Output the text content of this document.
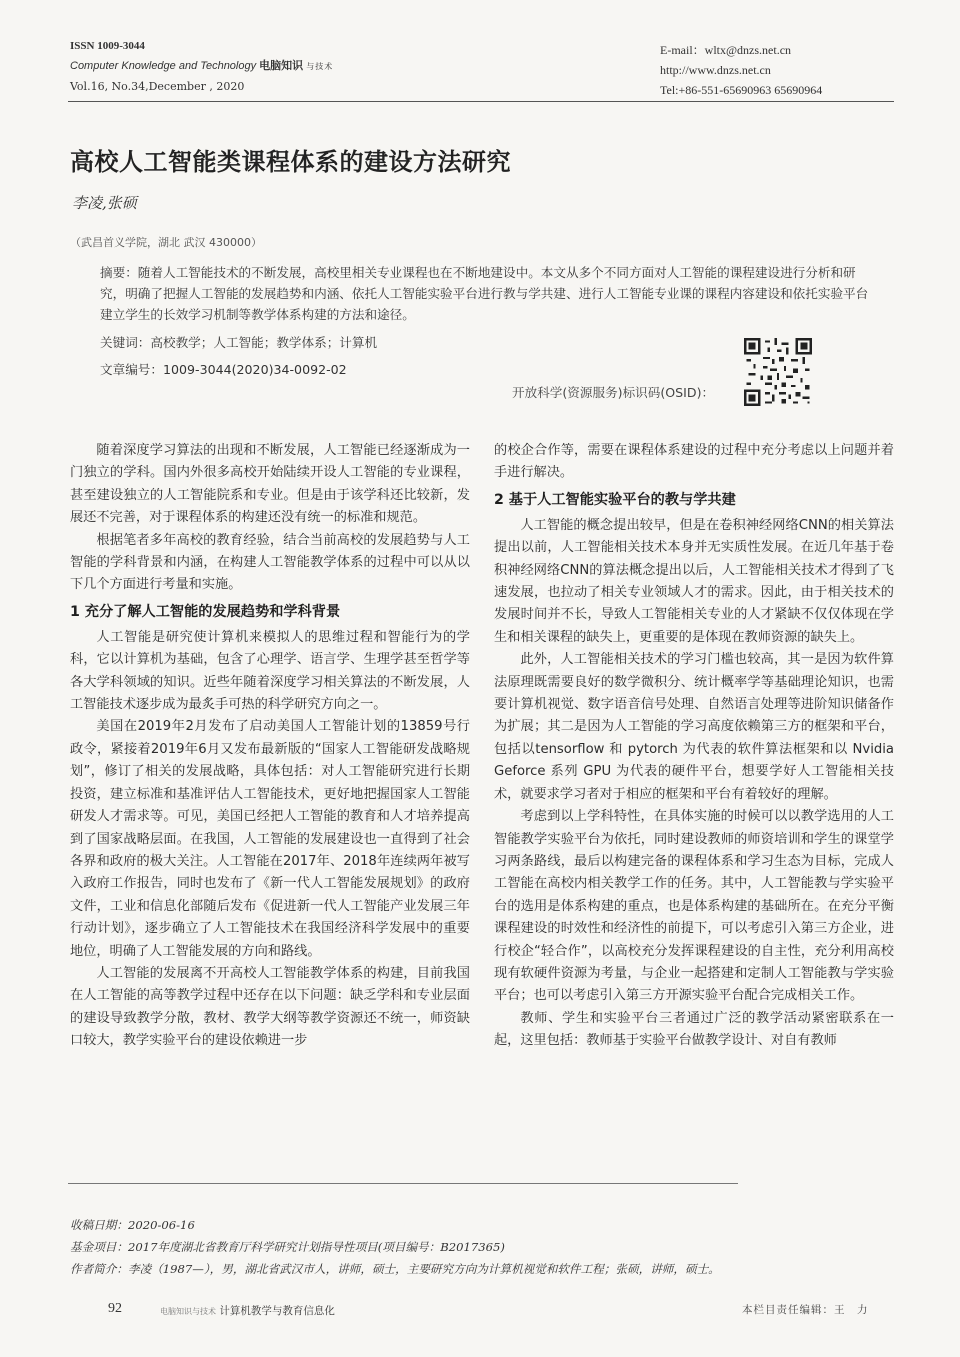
ISSN 1009-3044
Computer Knowledge and Technology 电脑知识 与技术
Vol.16, No.34,December , 2020
E-mail：wltx@dnzs.net.cn
http://www.dnzs.net.cn
Tel:+86-551-65690963 65690964
高校人工智能类课程体系的建设方法研究
李凌,张硕
（武昌首义学院，湖北 武汉 430000）
摘要：随着人工智能技术的不断发展，高校里相关专业课程也在不断地建设中。本文从多个不同方面对人工智能的课程建设进行分析和研究，明确了把握人工智能的发展趋势和内涵、依托人工智能实验平台进行教与学共建、进行人工智能专业课的课程内容建设和依托实验平台建立学生的长效学习机制等教学体系构建的方法和途径。
关键词：高校教学；人工智能；教学体系；计算机
文章编号：1009-3044(2020)34-0092-02
开放科学(资源服务)标识码(OSID)：

随着深度学习算法的出现和不断发展，人工智能已经逐渐成为一门独立的学科。国内外很多高校开始陆续开设人工智能的专业课程，甚至建设独立的人工智能院系和专业。但是由于该学科还比较新，发展还不完善，对于课程体系的构建还没有统一的标准和规范。

根据笔者多年高校的教育经验，结合当前高校的发展趋势与人工智能的学科背景和内涵，在构建人工智能教学体系的过程中可以从以下几个方面进行考量和实施。

1 充分了解人工智能的发展趋势和学科背景

人工智能是研究使计算机来模拟人的思维过程和智能行为的学科，它以计算机为基础，包含了心理学、语言学、生理学甚至哲学等各大学科领域的知识。近些年随着深度学习相关算法的不断发展，人工智能技术逐步成为最炙手可热的科学研究方向之一。

美国在2019年2月发布了启动美国人工智能计划的13859号行政令，紧接着2019年6月又发布最新版的“国家人工智能研发战略规划”，修订了相关的发展战略，具体包括：对人工智能研究进行长期投资，建立标准和基准评估人工智能技术，更好地把握国家人工智能研发人才需求等。可见，美国已经把人工智能的教育和人才培养提高到了国家战略层面。在我国，人工智能的发展建设也一直得到了社会各界和政府的极大关注。人工智能在2017年、2018年连续两年被写入政府工作报告，同时也发布了《新一代人工智能发展规划》的政府文件，工业和信息化部随后发布《促进新一代人工智能产业发展三年行动计划》，逐步确立了人工智能技术在我国经济科学发展中的重要地位，明确了人工智能发展的方向和路线。

人工智能的发展离不开高校人工智能教学体系的构建，目前我国在人工智能的高等教学过程中还存在以下问题：缺乏学科和专业层面的建设导致教学分散，教材、教学大纲等教学资源还不统一，师资缺口较大，教学实验平台的建设依赖进一步

的校企合作等，需要在课程体系建设的过程中充分考虑以上问题并着手进行解决。

2 基于人工智能实验平台的教与学共建

人工智能的概念提出较早，但是在卷积神经网络CNN的相关算法提出以前，人工智能相关技术本身并无实质性发展。在近几年基于卷积神经网络CNN的算法概念提出以后，人工智能相关技术才得到了飞速发展，也拉动了相关专业领域人才的需求。因此，由于相关技术的发展时间并不长，导致人工智能相关专业的人才紧缺不仅仅体现在学生和相关课程的缺失上，更重要的是体现在教师资源的缺失上。

此外，人工智能相关技术的学习门槛也较高，其一是因为软件算法原理既需要良好的数学微积分、统计概率学等基础理论知识，也需要计算机视觉、数字语音信号处理、自然语言处理等进阶知识储备作为扩展；其二是因为人工智能的学习高度依赖第三方的框架和平台，包括以tensorflow 和 pytorch 为代表的软件算法框架和以 Nvidia Geforce 系列 GPU 为代表的硬件平台，想要学好人工智能相关技术，就要求学习者对于相应的框架和平台有着较好的理解。

考虑到以上学科特性，在具体实施的时候可以以教学选用的人工智能教学实验平台为依托，同时建设教师的师资培训和学生的课堂学习两条路线，最后以构建完备的课程体系和学习生态为目标，完成人工智能在高校内相关教学工作的任务。其中，人工智能教与学实验平台的选用是体系构建的重点，也是体系构建的基础所在。在充分平衡课程建设的时效性和经济性的前提下，可以考虑引入第三方企业，进行校企“轻合作”，以高校充分发挥课程建设的自主性，充分利用高校现有软硬件资源为考量，与企业一起搭建和定制人工智能教与学实验平台；也可以考虑引入第三方开源实验平台配合完成相关工作。

教师、学生和实验平台三者通过广泛的教学活动紧密联系在一起，这里包括：教师基于实验平台做教学设计、对自有教师

收稿日期：2020-06-16
基金项目：2017年度湖北省教育厅科学研究计划指导性项目(项目编号：B2017365)
作者简介：李凌（1987—），男，湖北省武汉市人，讲师，硕士，主要研究方向为计算机视觉和软件工程；张硕，讲师，硕士。
92	电脑知识与技术 计算机教学与教育信息化	本栏目责任编辑：王　力
